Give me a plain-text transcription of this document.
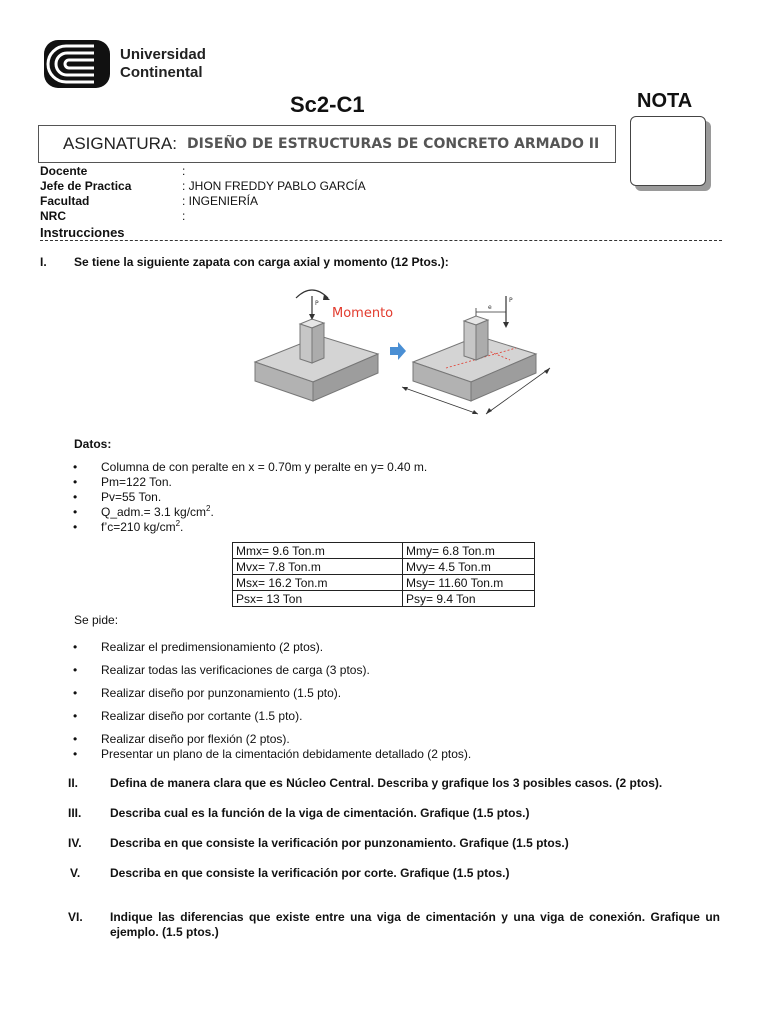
Universidad
Continental
Sc2-C1	NOTA
ASIGNATURA: DISEÑO DE ESTRUCTURAS DE CONCRETO ARMADO II
Docente	:
Jefe de Practica	: JHON FREDDY PABLO GARCÍA
Facultad	: INGENIERÍA
NRC	:
Instrucciones
I.	Se tiene la siguiente zapata con carga axial y momento (12 Ptos.):
P
Momento	e
P
Datos:
• Columna de con peralte en x = 0.70m y peralte en y= 0.40 m.
• Pm=122 Ton.
• Pv=55 Ton.
• Q_adm.= 3.1 $kg/cm^2$.
• f’c=210 $kg/cm^2$.
Mmx= 9.6 Ton.m	Mmy= 6.8 Ton.m
Mvx= 7.8 Ton.m	Mvy= 4.5 Ton.m
Msx= 16.2 Ton.m	Msy= 11.60 Ton.m
Psx= 13 Ton	Psy= 9.4 Ton
Se pide:
• Realizar el predimensionamiento (2 ptos).
• Realizar todas las verificaciones de carga (3 ptos).
• Realizar diseño por punzonamiento (1.5 pto).
• Realizar diseño por cortante (1.5 pto).
• Realizar diseño por flexión (2 ptos).
• Presentar un plano de la cimentación debidamente detallado (2 ptos).
II.	Defina de manera clara que es Núcleo Central. Describa y grafique los 3 posibles casos. (2 ptos).
III.	Describa cual es la función de la viga de cimentación. Grafique (1.5 ptos.)
IV.	Describa en que consiste la verificación por punzonamiento. Grafique (1.5 ptos.)
V.	Describa en que consiste la verificación por corte. Grafique (1.5 ptos.)
VI.	Indique las diferencias que existe entre una viga de cimentación y una viga de conexión. Grafique un ejemplo. (1.5 ptos.)
